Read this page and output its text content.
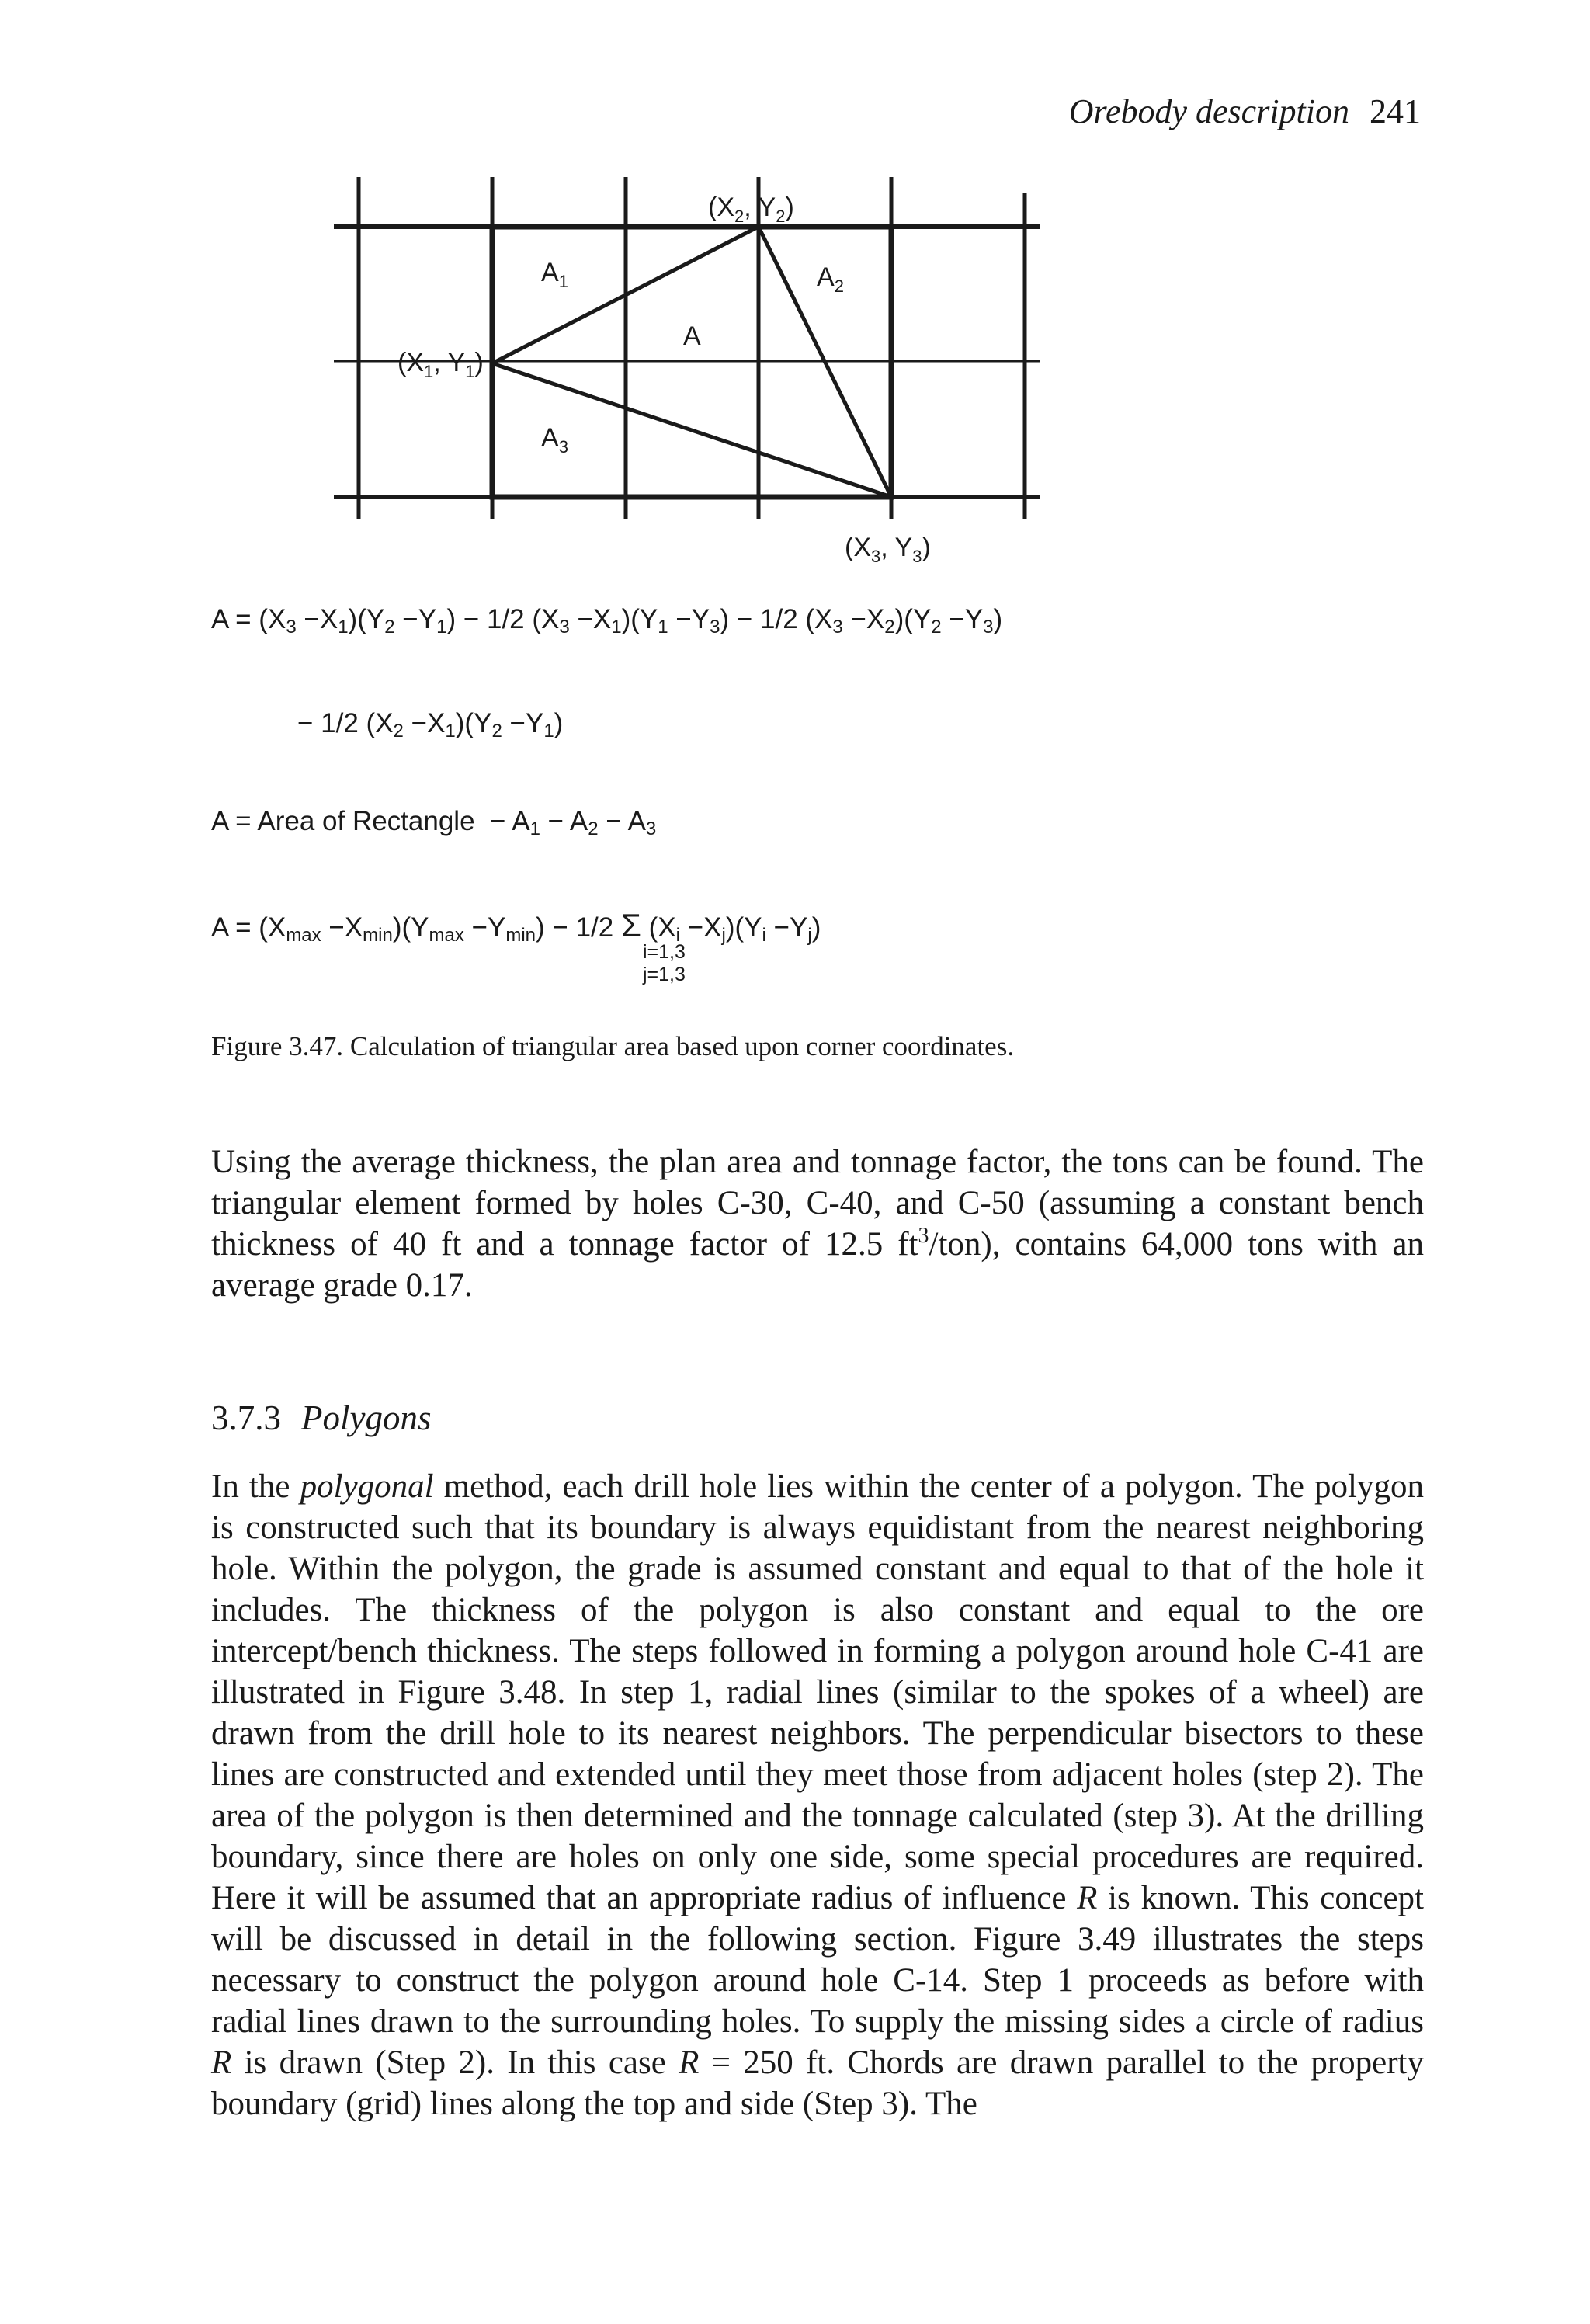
Orebody description 241
($X_2$, $Y_2$)
($X_1$, $Y_1$)
($X_3$, $Y_3$)
$A_1$	$A_2$
$A_3$
A
$A = (X_3 -X_1)(Y_2 -Y_1) - 1/2$ $(X_3 -X_1)(Y_1 -Y_3) - 1/2$ $(X_3 -X_2)(Y_2 -Y_3)$
− 1/2 $(X_2 -X_1)(Y_2 -Y_1)$
A = Area of Rectangle  − $A_1 - A_2 - A_3$
$A = (X_{max} -X_{min})(Y_{max} -Y_{min}) - 1/2$ Σ $(X_i -X_j)(Y_i -Y_j)$
i=1,3
j=1,3
Figure 3.47. Calculation of triangular area based upon corner coordinates.

Using the average thickness, the plan area and tonnage factor, the tons can be found. The triangular element formed by holes C-30, C-40, and C-50 (assuming a constant bench thickness of 40 ft and a tonnage factor of 12.5 $ft^3/ton$), contains 64,000 tons with an average grade 0.17.

3.7.3 Polygons

In the polygonal method, each drill hole lies within the center of a polygon. The polygon is constructed such that its boundary is always equidistant from the nearest neighboring hole. Within the polygon, the grade is assumed constant and equal to that of the hole it includes. The thickness of the polygon is also constant and equal to the ore intercept/bench thickness. The steps followed in forming a polygon around hole C-41 are illustrated in Figure 3.48. In step 1, radial lines (similar to the spokes of a wheel) are drawn from the drill hole to its nearest neighbors. The perpendicular bisectors to these lines are constructed and extended until they meet those from adjacent holes (step 2). The area of the polygon is then determined and the tonnage calculated (step 3). At the drilling boundary, since there are holes on only one side, some special procedures are required. Here it will be assumed that an appropriate radius of influence R is known. This concept will be discussed in detail in the following section. Figure 3.49 illustrates the steps necessary to construct the polygon around hole C-14. Step 1 proceeds as before with radial lines drawn to the surrounding holes. To supply the missing sides a circle of radius R is drawn (Step 2). In this case R = 250 ft. Chords are drawn parallel to the property boundary (grid) lines along the top and side (Step 3). The
